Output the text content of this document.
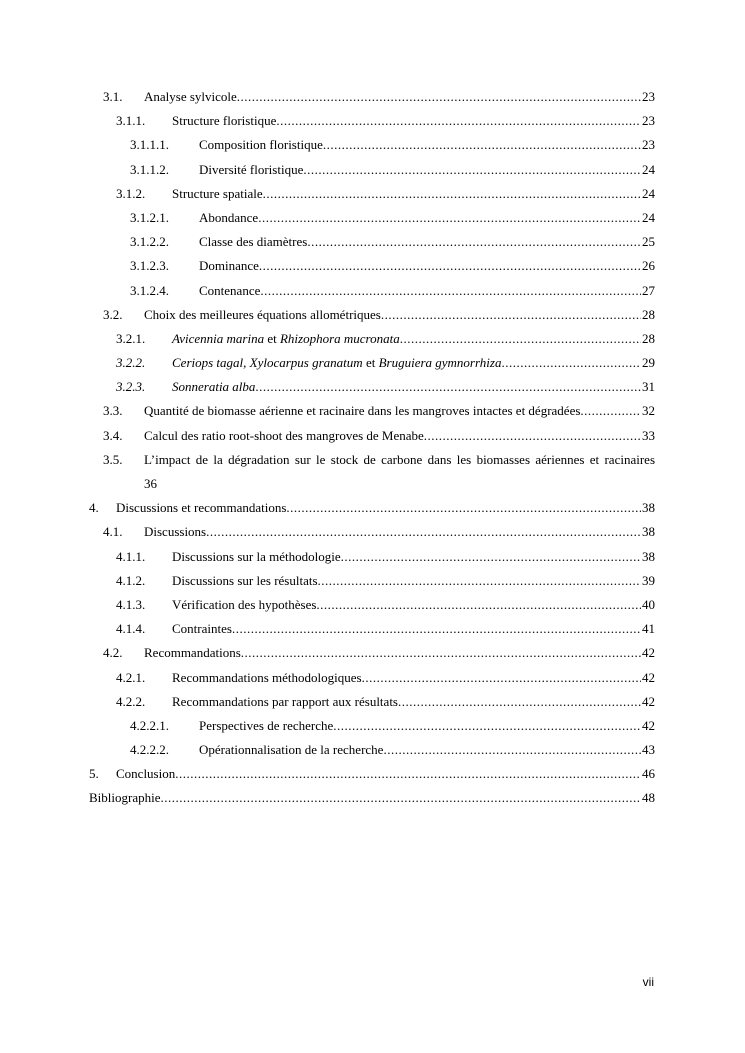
3.1.	Analyse sylvicole .....	23
3.1.1.	Structure floristique .....	23
3.1.1.1.	Composition floristique .....	23
3.1.1.2.	Diversité floristique .....	24
3.1.2.	Structure spatiale .....	24
3.1.2.1.	Abondance .....	24
3.1.2.2.	Classe des diamètres .....	25
3.1.2.3.	Dominance .....	26
3.1.2.4.	Contenance .....	27
3.2.	Choix des meilleures équations allométriques .....	28
3.2.1.	Avicennia marina et Rhizophora mucronata .....	28
3.2.2.	Ceriops tagal, Xylocarpus granatum et Bruguiera gymnorrhiza .....	29
3.2.3.	Sonneratia alba .....	31
3.3.	Quantité de biomasse aérienne et racinaire dans les mangroves intactes et dégradées .....	32
3.4.	Calcul des ratio root-shoot des mangroves de Menabe .....	33
3.5.	L’impact de la dégradation sur le stock de carbone dans les biomasses aériennes et racinaires
36
4.	Discussions et recommandations .....	38
4.1.	Discussions .....	38
4.1.1.	Discussions sur la méthodologie .....	38
4.1.2.	Discussions sur les résultats .....	39
4.1.3.	Vérification des hypothèses .....	40
4.1.4.	Contraintes .....	41
4.2.	Recommandations .....	42
4.2.1.	Recommandations méthodologiques .....	42
4.2.2.	Recommandations par rapport aux résultats .....	42
4.2.2.1.	Perspectives de recherche .....	42
4.2.2.2.	Opérationnalisation de la recherche .....	43
5.	Conclusion .....	46
Bibliographie .....	48
vii
